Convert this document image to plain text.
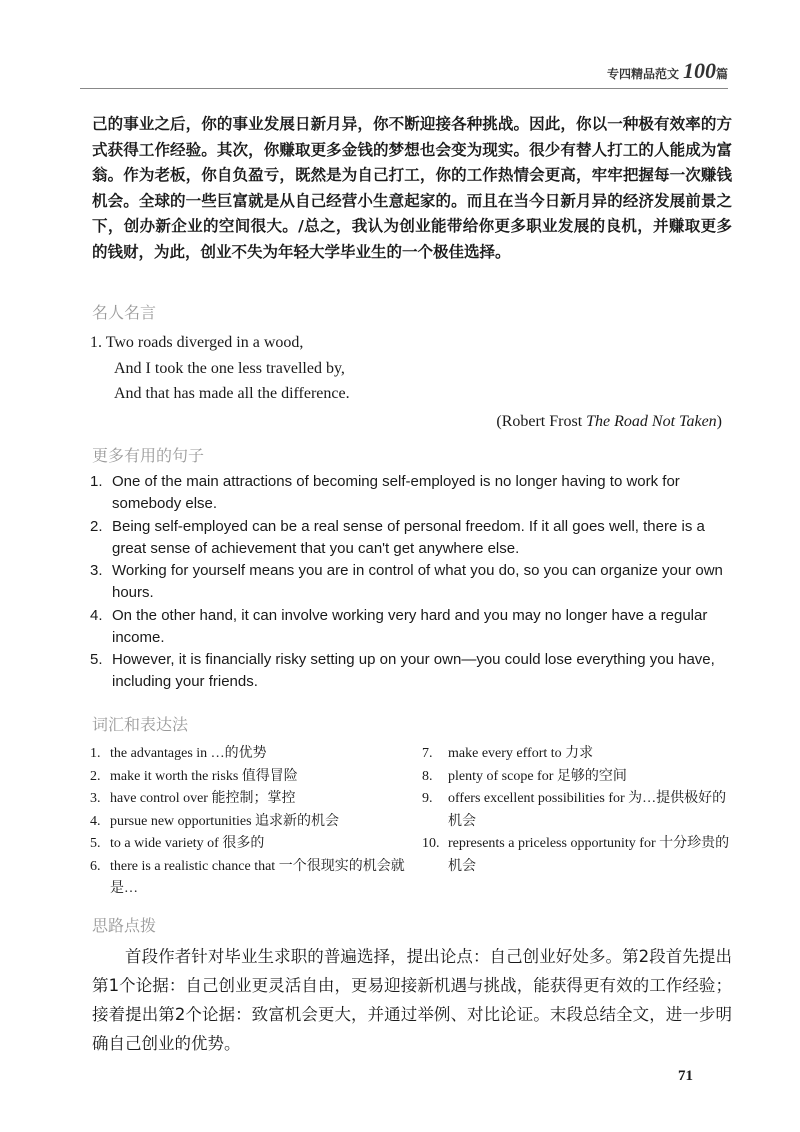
专四精品范文 100篇
己的事业之后，你的事业发展日新月异，你不断迎接各种挑战。因此，你以一种极有效率的方式获得工作经验。其次，你赚取更多金钱的梦想也会变为现实。很少有替人打工的人能成为富翁。作为老板，你自负盈亏，既然是为自己打工，你的工作热情会更高，牢牢把握每一次赚钱机会。全球的一些巨富就是从自己经营小生意起家的。而且在当今日新月异的经济发展前景之下，创办新企业的空间很大。/总之，我认为创业能带给你更多职业发展的良机，并赚取更多的钱财，为此，创业不失为年轻大学毕业生的一个极佳选择。
名人名言
1. Two roads diverged in a wood,
And I took the one less travelled by,
And that has made all the difference.
(Robert Frost The Road Not Taken)
更多有用的句子
1. One of the main attractions of becoming self-employed is no longer having to work for somebody else.
2. Being self-employed can be a real sense of personal freedom. If it all goes well, there is a great sense of achievement that you can't get anywhere else.
3. Working for yourself means you are in control of what you do, so you can organize your own hours.
4. On the other hand, it can involve working very hard and you may no longer have a regular income.
5. However, it is financially risky setting up on your own—you could lose everything you have, including your friends.
词汇和表达法
1. the advantages in …的优势
2. make it worth the risks 值得冒险
3. have control over 能控制；掌控
4. pursue new opportunities 追求新的机会
5. to a wide variety of 很多的
6. there is a realistic chance that 一个很现实的机会就是…
7. make every effort to 力求
8. plenty of scope for 足够的空间
9. offers excellent possibilities for 为…提供极好的机会
10. represents a priceless opportunity for 十分珍贵的机会
思路点拨
首段作者针对毕业生求职的普遍选择，提出论点：自己创业好处多。第2段首先提出第1个论据：自己创业更灵活自由，更易迎接新机遇与挑战，能获得更有效的工作经验；接着提出第2个论据：致富机会更大，并通过举例、对比论证。末段总结全文，进一步明确自己创业的优势。
71
